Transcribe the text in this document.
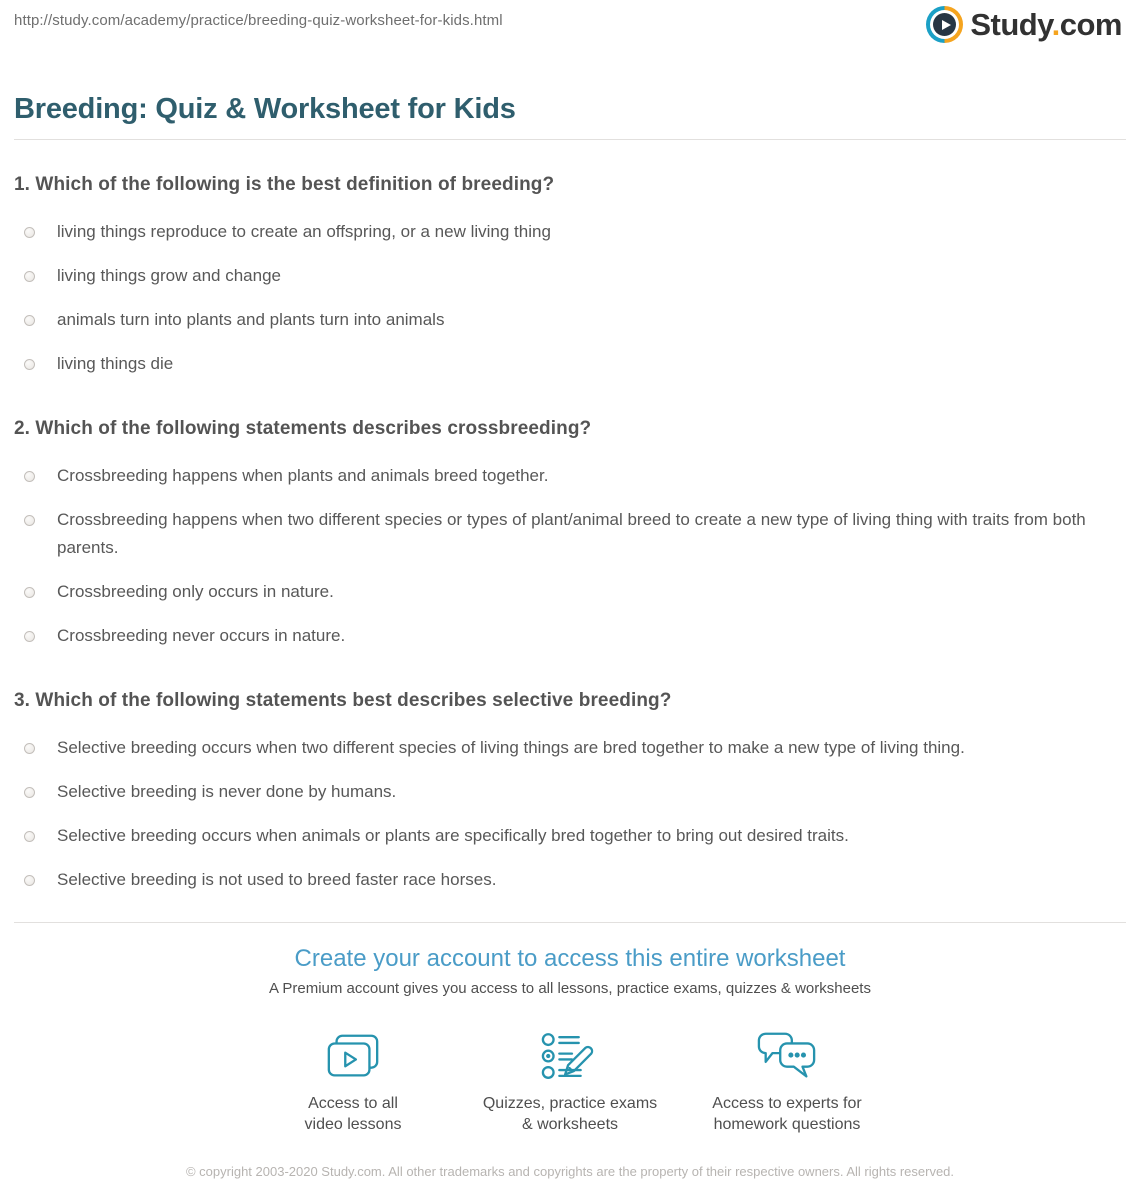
http://study.com/academy/practice/breeding-quiz-worksheet-for-kids.html	Study.com
Breeding: Quiz & Worksheet for Kids
1. Which of the following is the best definition of breeding?
living things reproduce to create an offspring, or a new living thing
living things grow and change
animals turn into plants and plants turn into animals
living things die
2. Which of the following statements describes crossbreeding?
Crossbreeding happens when plants and animals breed together.
Crossbreeding happens when two different species or types of plant/animal breed to create a new type of living thing with traits from both parents.
Crossbreeding only occurs in nature.
Crossbreeding never occurs in nature.
3. Which of the following statements best describes selective breeding?
Selective breeding occurs when two different species of living things are bred together to make a new type of living thing.
Selective breeding is never done by humans.
Selective breeding occurs when animals or plants are specifically bred together to bring out desired traits.
Selective breeding is not used to breed faster race horses.
Create your account to access this entire worksheet

A Premium account gives you access to all lessons, practice exams, quizzes & worksheets

Access to all
video lessons
Quizzes, practice exams
& worksheets
Access to experts for
homework questions

© copyright 2003-2020 Study.com. All other trademarks and copyrights are the property of their respective owners. All rights reserved.
